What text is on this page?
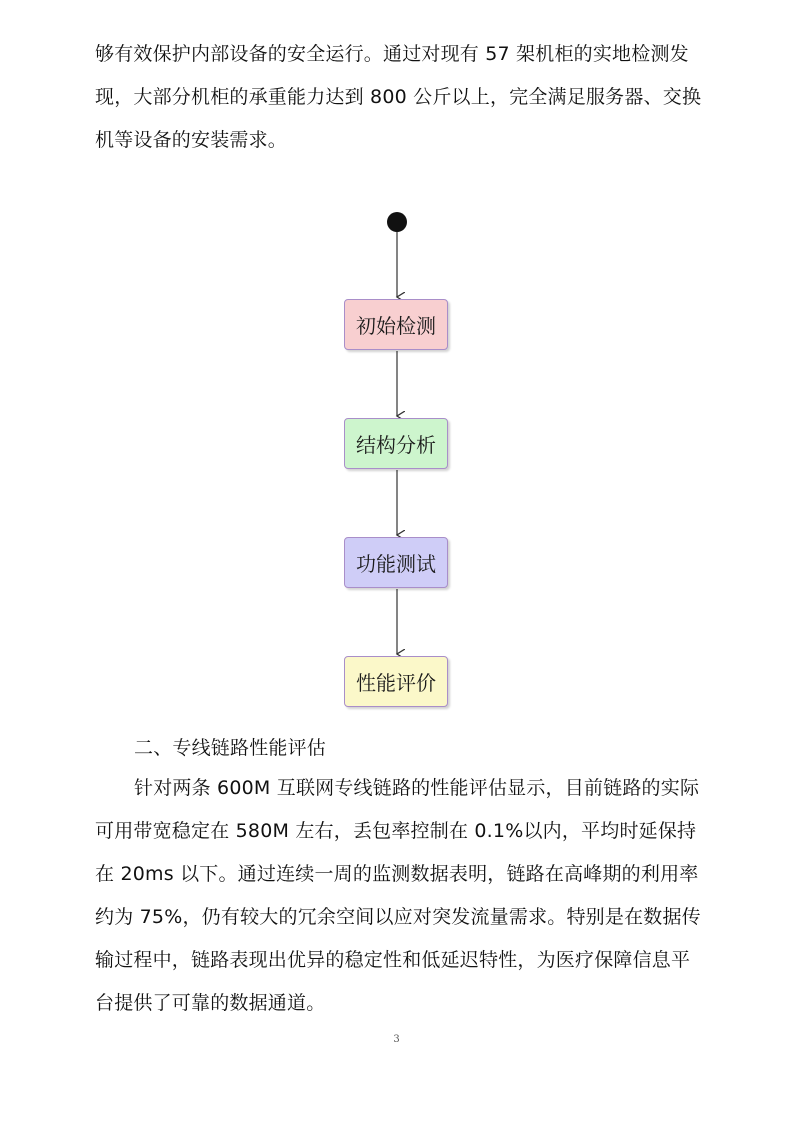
够有效保护内部设备的安全运行。通过对现有 57 架机柜的实地检测发现，大部分机柜的承重能力达到 800 公斤以上，完全满足服务器、交换机等设备的安装需求。

初始检测
结构分析
功能测试
性能评价

二、专线链路性能评估

针对两条 600M 互联网专线链路的性能评估显示，目前链路的实际可用带宽稳定在 580M 左右，丢包率控制在 0.1%以内，平均时延保持在 20ms 以下。通过连续一周的监测数据表明，链路在高峰期的利用率约为 75%，仍有较大的冗余空间以应对突发流量需求。特别是在数据传输过程中，链路表现出优异的稳定性和低延迟特性，为医疗保障信息平台提供了可靠的数据通道。

3
